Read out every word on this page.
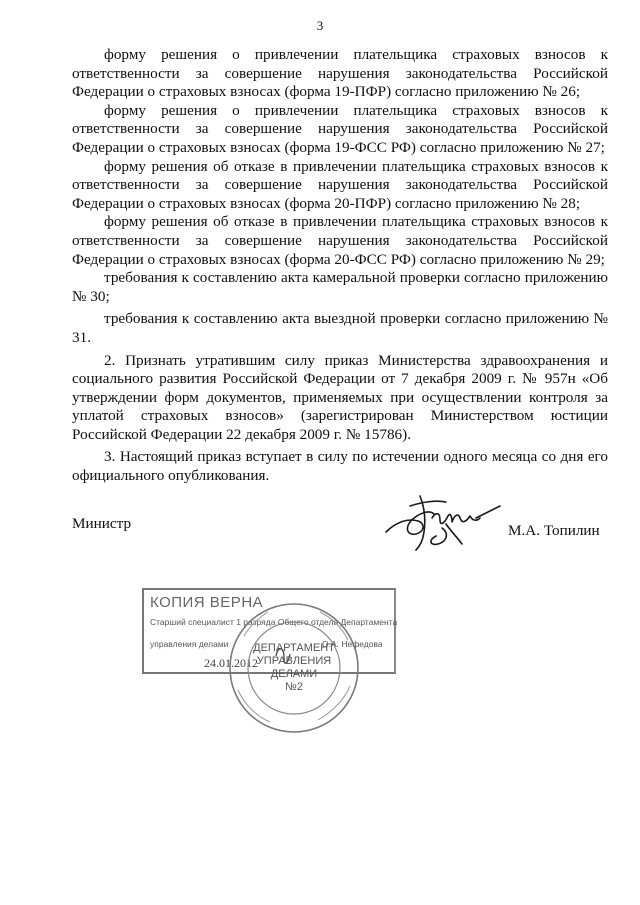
3

форму решения о привлечении плательщика страховых взносов к ответственности за совершение нарушения законодательства Российской Федерации о страховых взносах (форма 19-ПФР) согласно приложению № 26;

форму решения о привлечении плательщика страховых взносов к ответственности за совершение нарушения законодательства Российской Федерации о страховых взносах (форма 19-ФСС РФ) согласно приложению № 27;

форму решения об отказе в привлечении плательщика страховых взносов к ответственности за совершение нарушения законодательства Российской Федерации о страховых взносах (форма 20-ПФР) согласно приложению № 28;

форму решения об отказе в привлечении плательщика страховых взносов к ответственности за совершение нарушения законодательства Российской Федерации о страховых взносах (форма 20-ФСС РФ) согласно приложению № 29;

требования к составлению акта камеральной проверки согласно приложению № 30;

требования к составлению акта выездной проверки согласно приложению № 31.

2. Признать утратившим силу приказ Министерства здравоохранения и социального развития Российской Федерации от 7 декабря 2009 г. № 957н «Об утверждении форм документов, применяемых при осуществлении контроля за уплатой страховых взносов» (зарегистрирован Министерством юстиции Российской Федерации 22 декабря 2009 г. № 15786).

3. Настоящий приказ вступает в силу по истечении одного месяца со дня его официального опубликования.

Министр	М.А. Топилин
КОПИЯ ВЕРНА
Старший специалист 1 разряда Общего отдела Департамента
управления делами	О.А. Нефедова
24.01.2012
ДЕПАРТАМЕНТ
УПРАВЛЕНИЯ
ДЕЛАМИ
№2
